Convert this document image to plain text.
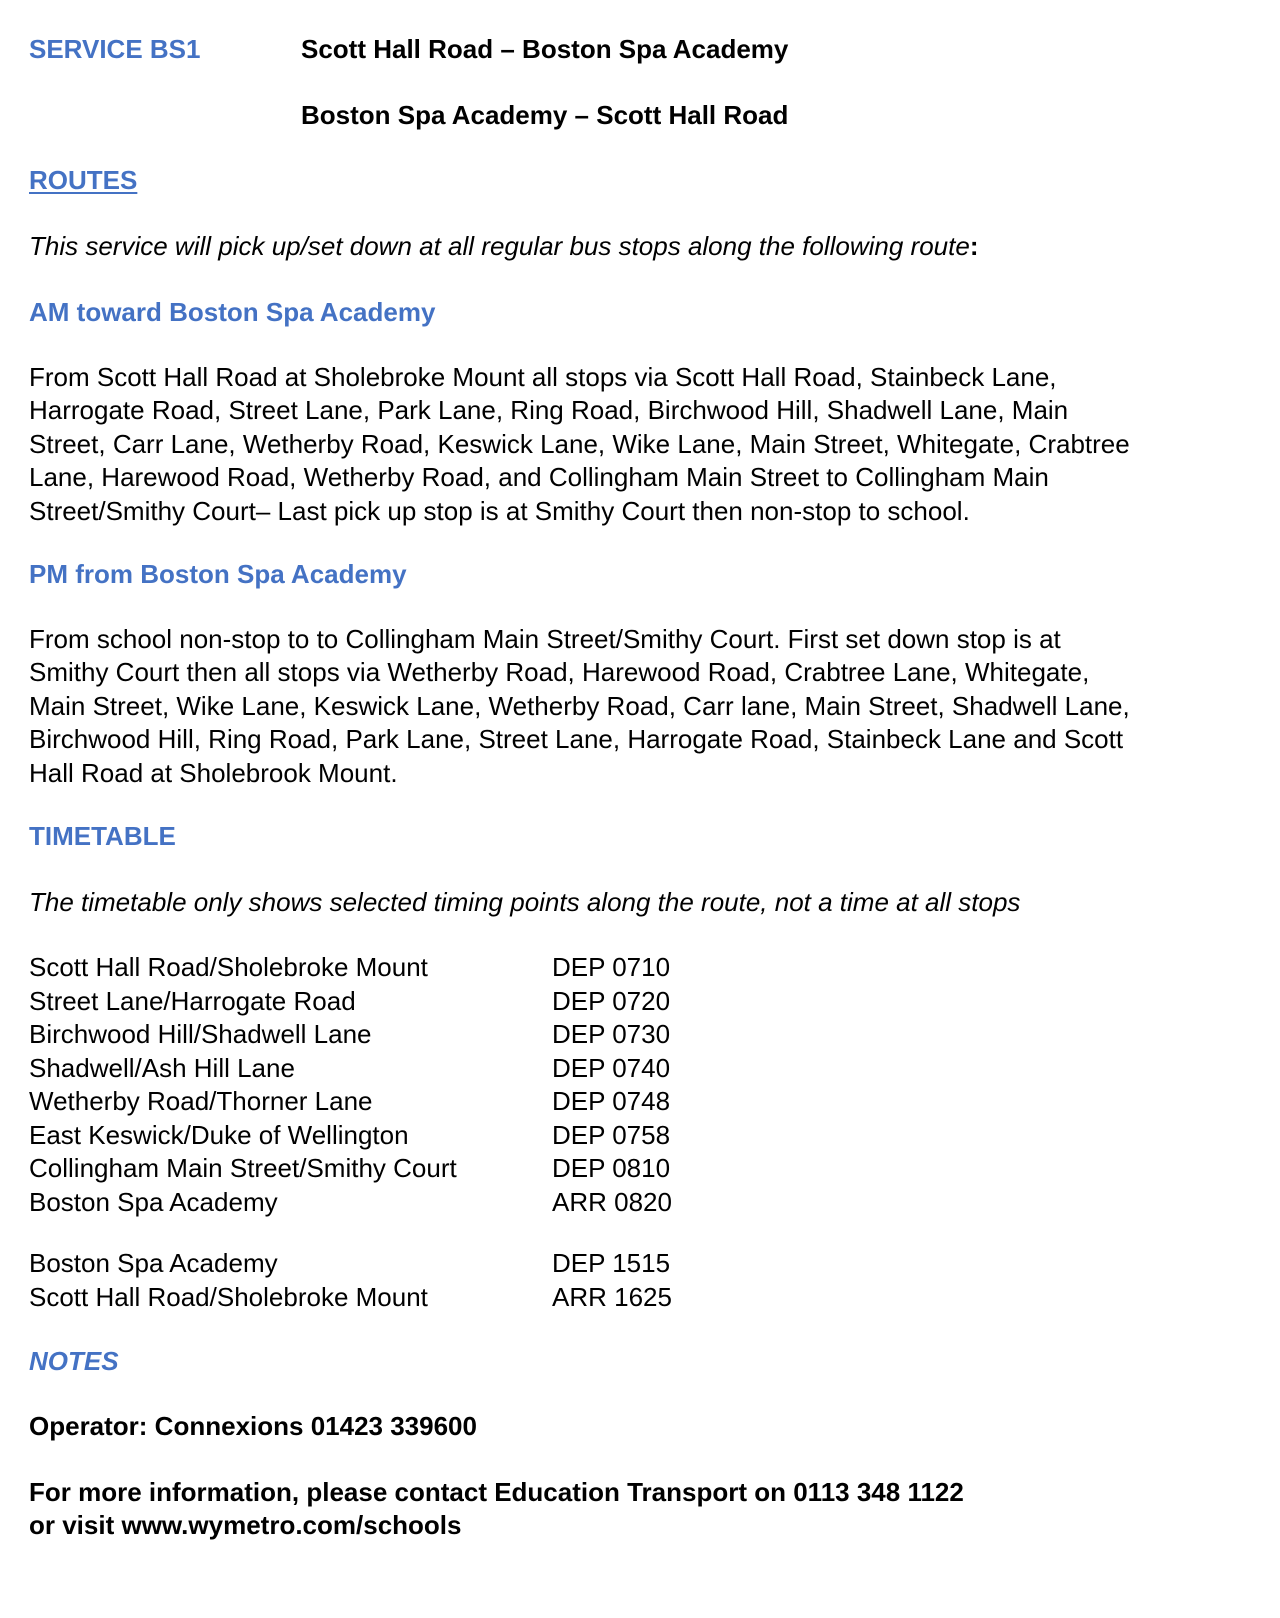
SERVICE BS1	Scott Hall Road – Boston Spa Academy
Boston Spa Academy – Scott Hall Road
ROUTES
This service will pick up/set down at all regular bus stops along the following route:
AM toward Boston Spa Academy
From Scott Hall Road at Sholebroke Mount all stops via Scott Hall Road, Stainbeck Lane,
Harrogate Road, Street Lane, Park Lane, Ring Road, Birchwood Hill, Shadwell Lane, Main
Street, Carr Lane, Wetherby Road, Keswick Lane, Wike Lane, Main Street, Whitegate, Crabtree
Lane, Harewood Road, Wetherby Road, and Collingham Main Street to Collingham Main
Street/Smithy Court– Last pick up stop is at Smithy Court then non-stop to school.
PM from Boston Spa Academy
From school non-stop to to Collingham Main Street/Smithy Court. First set down stop is at
Smithy Court then all stops via Wetherby Road, Harewood Road, Crabtree Lane, Whitegate,
Main Street, Wike Lane, Keswick Lane, Wetherby Road, Carr lane, Main Street, Shadwell Lane,
Birchwood Hill, Ring Road, Park Lane, Street Lane, Harrogate Road, Stainbeck Lane and Scott
Hall Road at Sholebrook Mount.
TIMETABLE
The timetable only shows selected timing points along the route, not a time at all stops
Scott Hall Road/Sholebroke Mount	DEP 0710
Street Lane/Harrogate Road	DEP 0720
Birchwood Hill/Shadwell Lane	DEP 0730
Shadwell/Ash Hill Lane	DEP 0740
Wetherby Road/Thorner Lane	DEP 0748
East Keswick/Duke of Wellington	DEP 0758
Collingham Main Street/Smithy Court	DEP 0810
Boston Spa Academy	ARR 0820
Boston Spa Academy	DEP 1515
Scott Hall Road/Sholebroke Mount	ARR 1625
NOTES
Operator: Connexions 01423 339600
For more information, please contact Education Transport on 0113 348 1122
or visit www.wymetro.com/schools
